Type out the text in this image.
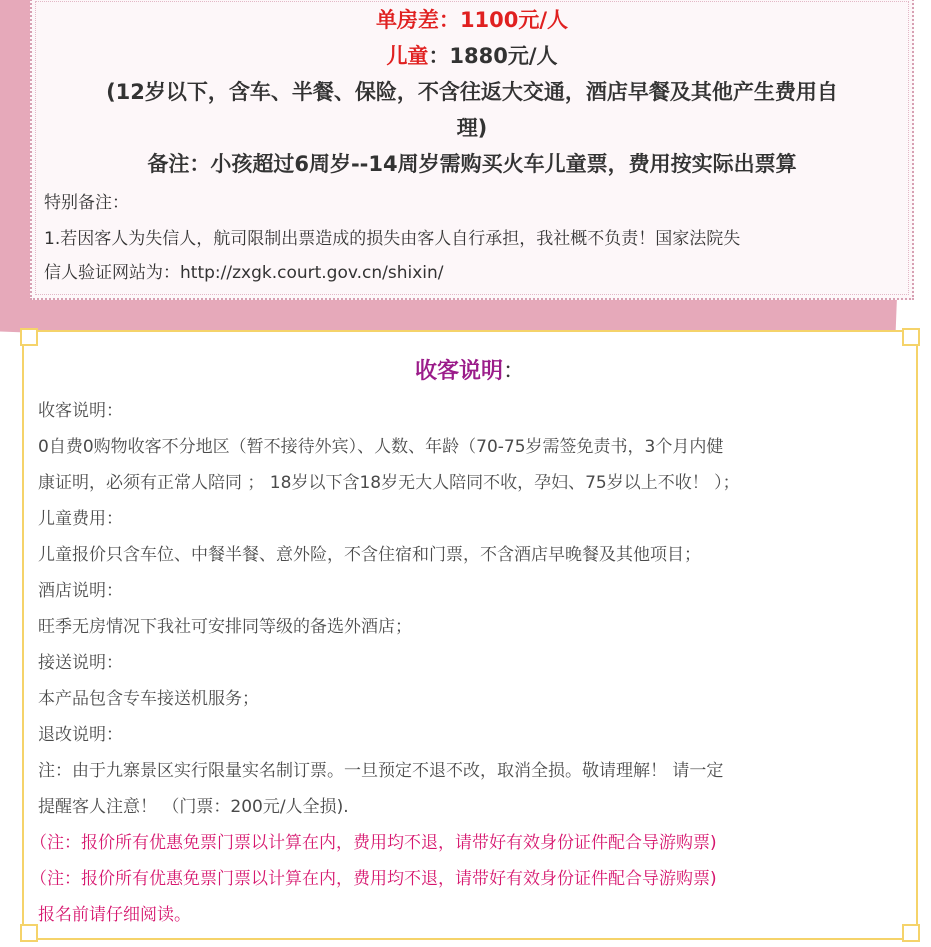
单房差：1100元/人
儿童：1880元/人
(12岁以下，含车、半餐、保险，不含往返大交通，酒店早餐及其他产生费用自
理)
备注：小孩超过6周岁--14周岁需购买火车儿童票，费用按实际出票算
特别备注：
1.若因客人为失信人，航司限制出票造成的损失由客人自行承担，我社概不负责！国家法院失
信人验证网站为：http://zxgk.court.gov.cn/shixin/
收客说明：
收客说明：
0自费0购物收客不分地区（暂不接待外宾）、人数、年龄（70-75岁需签免责书，3个月内健
康证明，必须有正常人陪同 ； 18岁以下含18岁无大人陪同不收，孕妇、75岁以上不收！ ）；
儿童费用：
儿童报价只含车位、中餐半餐、意外险，不含住宿和门票，不含酒店早晚餐及其他项目；
酒店说明：
旺季无房情况下我社可安排同等级的备选外酒店；
接送说明：
本产品包含专车接送机服务；
退改说明：
注：由于九寨景区实行限量实名制订票。一旦预定不退不改，取消全损。敬请理解！ 请一定
提醒客人注意！ （门票：200元/人全损).
（注：报价所有优惠免票门票以计算在内，费用均不退，请带好有效身份证件配合导游购票)
（注：报价所有优惠免票门票以计算在内，费用均不退，请带好有效身份证件配合导游购票)
报名前请仔细阅读。
